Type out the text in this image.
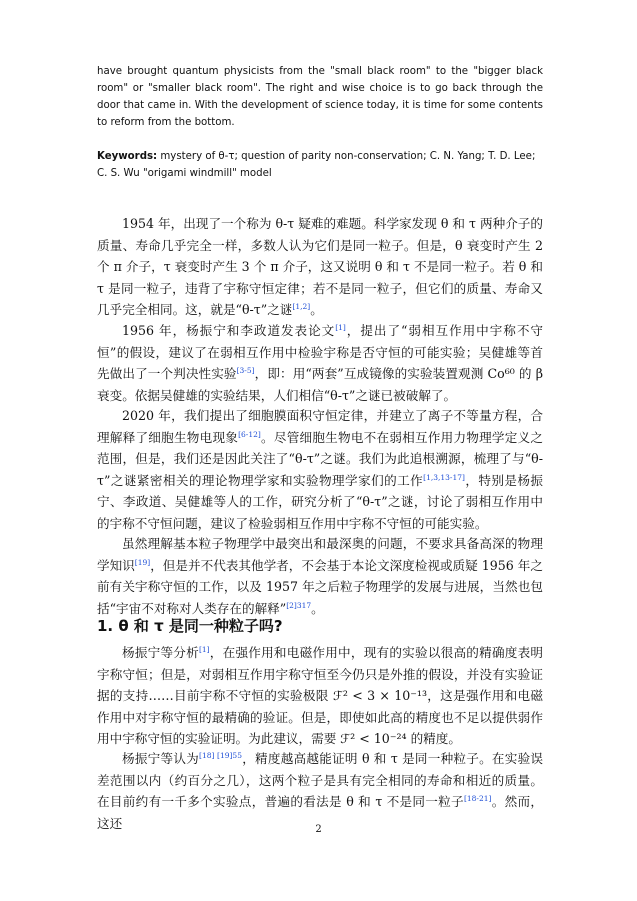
have brought quantum physicists from the "small black room" to the "bigger black room" or "smaller black room". The right and wise choice is to go back through the door that came in. With the development of science today, it is time for some contents to reform from the bottom.

Keywords: mystery of θ-τ; question of parity non-conservation; C. N. Yang; T. D. Lee; C. S. Wu "origami windmill" model

1954 年，出现了一个称为 θ-τ 疑难的难题。科学家发现 θ 和 τ 两种介子的质量、寿命几乎完全一样，多数人认为它们是同一粒子。但是，θ 衰变时产生 2 个 π 介子，τ 衰变时产生 3 个 π 介子，这又说明 θ 和 τ 不是同一粒子。若 θ 和 τ 是同一粒子，违背了宇称守恒定律；若不是同一粒子，但它们的质量、寿命又几乎完全相同。这，就是“θ-τ”之谜[1,2]。

1956 年，杨振宁和李政道发表论文[1]，提出了“弱相互作用中宇称不守恒”的假设，建议了在弱相互作用中检验宇称是否守恒的可能实验；吴健雄等首先做出了一个判决性实验[3-5]，即：用“两套”互成镜像的实验装置观测 Co⁶⁰ 的 β 衰变。依据吴健雄的实验结果，人们相信“θ-τ”之谜已被破解了。

2020 年，我们提出了细胞膜面积守恒定律，并建立了离子不等量方程，合理解释了细胞生物电现象[6-12]。尽管细胞生物电不在弱相互作用力物理学定义之范围，但是，我们还是因此关注了“θ-τ”之谜。我们为此追根溯源，梳理了与“θ-τ”之谜紧密相关的理论物理学家和实验物理学家们的工作[1,3,13-17]，特别是杨振宁、李政道、吴健雄等人的工作，研究分析了“θ-τ”之谜，讨论了弱相互作用中的宇称不守恒问题，建议了检验弱相互作用中宇称不守恒的可能实验。

虽然理解基本粒子物理学中最突出和最深奥的问题，不要求具备高深的物理学知识[19]，但是并不代表其他学者，不会基于本论文深度检视或质疑 1956 年之前有关宇称守恒的工作，以及 1957 年之后粒子物理学的发展与进展，当然也包括“宇宙不对称对人类存在的解释”$^{[2]317}$。

1. θ 和 τ 是同一种粒子吗?

杨振宁等分析[1]，在强作用和电磁作用中，现有的实验以很高的精确度表明宇称守恒；但是，对弱相互作用宇称守恒至今仍只是外推的假设，并没有实验证据的支持……目前宇称不守恒的实验极限 ℱ² < 3 × 10⁻¹³，这是强作用和电磁作用中对宇称守恒的最精确的验证。但是，即使如此高的精度也不足以提供弱作用中宇称守恒的实验证明。为此建议，需要 ℱ² < 10⁻²⁴ 的精度。

杨振宁等认为$^{[18] [19]55}$，精度越高越能证明 θ 和 τ 是同一种粒子。在实验误差范围以内（约百分之几），这两个粒子是具有完全相同的寿命和相近的质量。在目前约有一千多个实验点，普遍的看法是 θ 和 τ 不是同一粒子[18-21]。然而，这还	2
